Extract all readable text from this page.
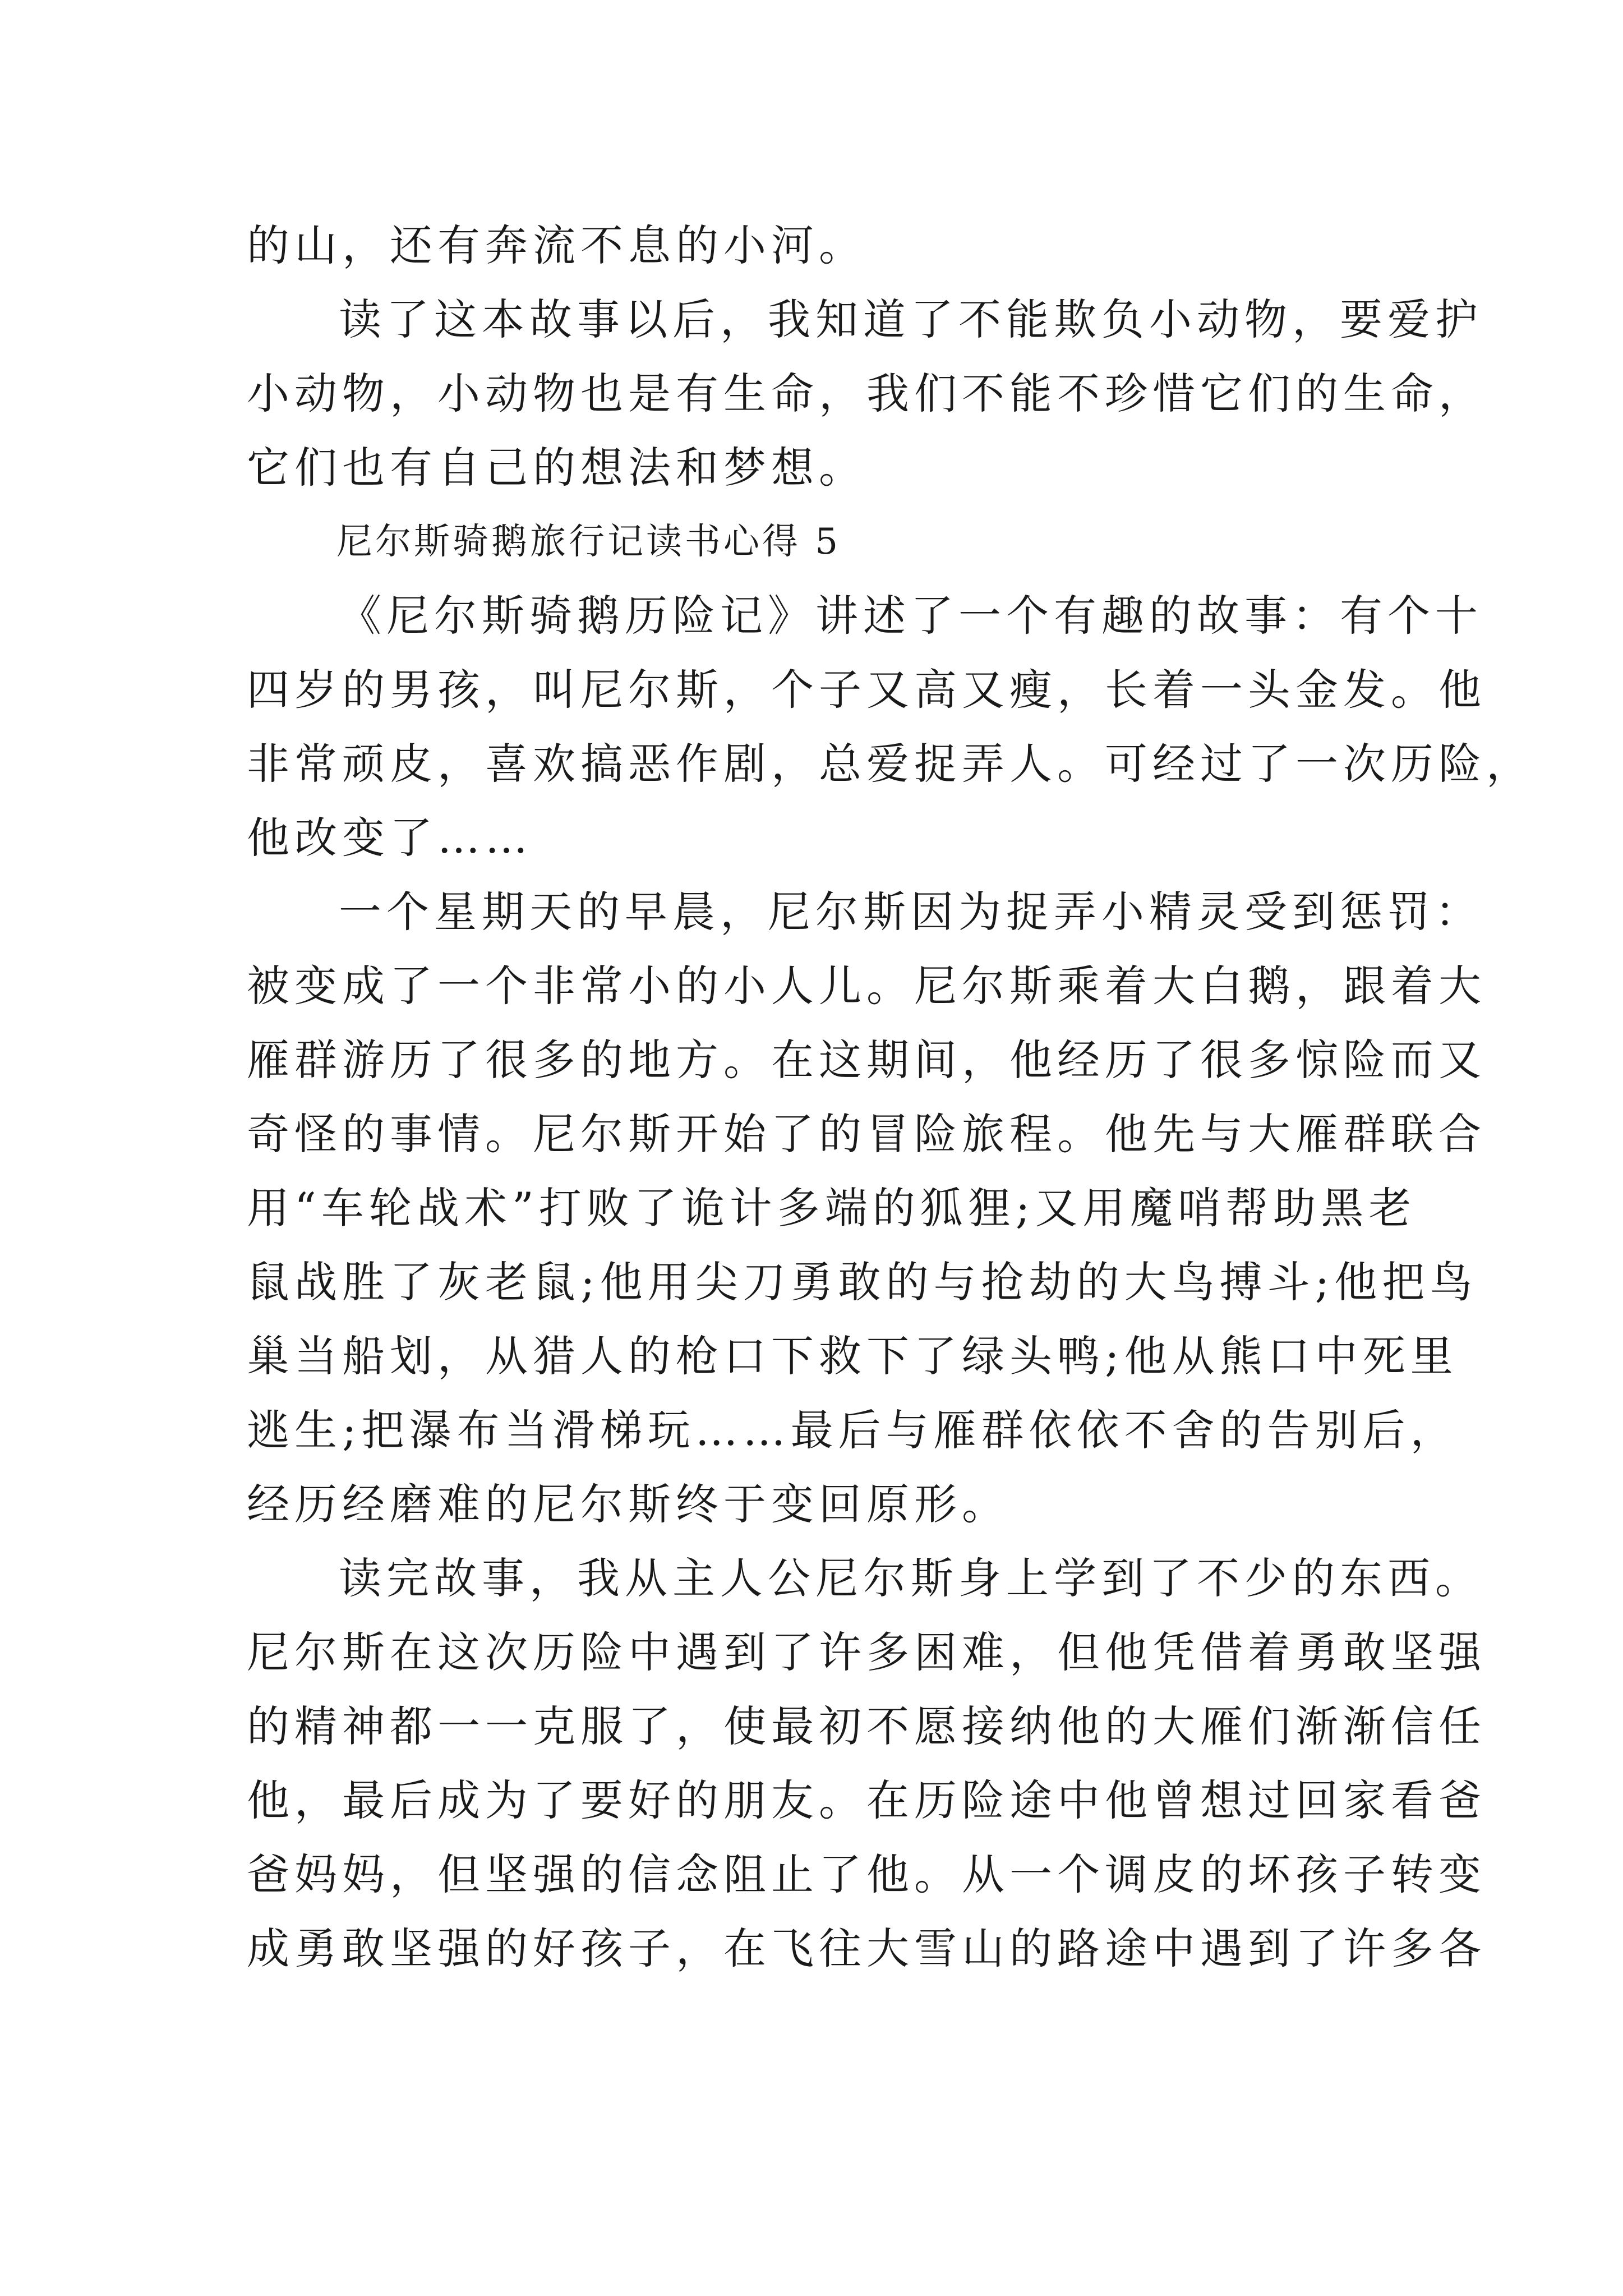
的山，还有奔流不息的小河。

读了这本故事以后，我知道了不能欺负小动物，要爱护
小动物，小动物也是有生命，我们不能不珍惜它们的生命，
它们也有自己的想法和梦想。

尼尔斯骑鹅旅行记读书心得 5

《尼尔斯骑鹅历险记》讲述了一个有趣的故事：有个十
四岁的男孩，叫尼尔斯，个子又高又瘦，长着一头金发。他
非常顽皮，喜欢搞恶作剧，总爱捉弄人。可经过了一次历险，
他改变了……

一个星期天的早晨，尼尔斯因为捉弄小精灵受到惩罚：
被变成了一个非常小的小人儿。尼尔斯乘着大白鹅，跟着大
雁群游历了很多的地方。在这期间，他经历了很多惊险而又
奇怪的事情。尼尔斯开始了的冒险旅程。他先与大雁群联合
用“车轮战术”打败了诡计多端的狐狸;又用魔哨帮助黑老
鼠战胜了灰老鼠;他用尖刀勇敢的与抢劫的大鸟搏斗;他把鸟
巢当船划，从猎人的枪口下救下了绿头鸭;他从熊口中死里
逃生;把瀑布当滑梯玩……最后与雁群依依不舍的告别后，
经历经磨难的尼尔斯终于变回原形。

读完故事，我从主人公尼尔斯身上学到了不少的东西。
尼尔斯在这次历险中遇到了许多困难，但他凭借着勇敢坚强
的精神都一一克服了，使最初不愿接纳他的大雁们渐渐信任
他，最后成为了要好的朋友。在历险途中他曾想过回家看爸
爸妈妈，但坚强的信念阻止了他。从一个调皮的坏孩子转变
成勇敢坚强的好孩子，在飞往大雪山的路途中遇到了许多各
